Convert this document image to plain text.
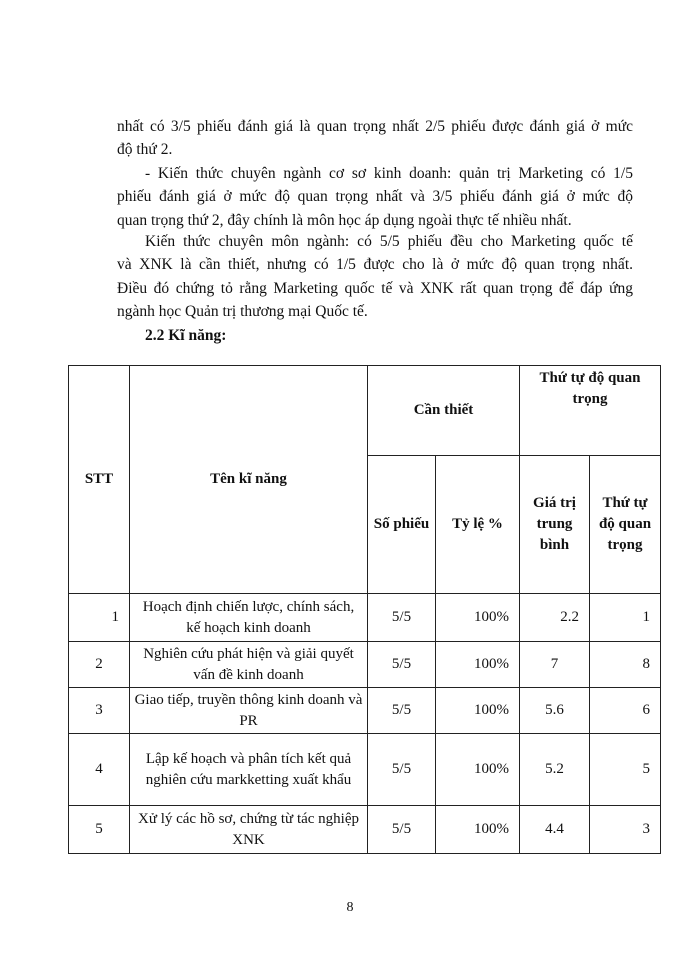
nhất có 3/5 phiếu đánh giá là quan trọng nhất 2/5 phiếu được đánh giá ở mức
độ thứ 2.
- Kiến thức chuyên ngành cơ sơ kinh doanh: quản trị Marketing có 1/5
phiếu đánh giá ở mức độ quan trọng nhất và 3/5 phiếu đánh giá ở mức độ
quan trọng thứ 2, đây chính là môn học áp dụng ngoài thực tế nhiều nhất.
Kiến thức chuyên môn ngành: có 5/5 phiếu đều cho Marketing quốc tế
và XNK là cần thiết, nhưng có 1/5 được cho là ở mức độ quan trọng nhất.
Điều đó chứng tỏ rằng Marketing quốc tế và XNK rất quan trọng để đáp ứng
ngành học Quản trị thương mại Quốc tế.
2.2 Kĩ năng:
STT	Tên kĩ năng	Cần thiết		Thứ tự độ quan trọng	
		Số phiếu	Tỷ lệ %	Giá trị trung bình	Thứ tự độ quan trọng
1	Hoạch định chiến lược, chính sách, kế hoạch kinh doanh	5/5	100%	2.2	1
2	Nghiên cứu phát hiện và giải quyết vấn đề kinh doanh	5/5	100%	7	8
3	Giao tiếp, truyền thông kinh doanh và PR	5/5	100%	5.6	6
4	Lập kế hoạch và phân tích kết quả nghiên cứu markketting xuất khẩu	5/5	100%	5.2	5
5	Xử lý các hồ sơ, chứng từ tác nghiệp XNK	5/5	100%	4.4	3
8
